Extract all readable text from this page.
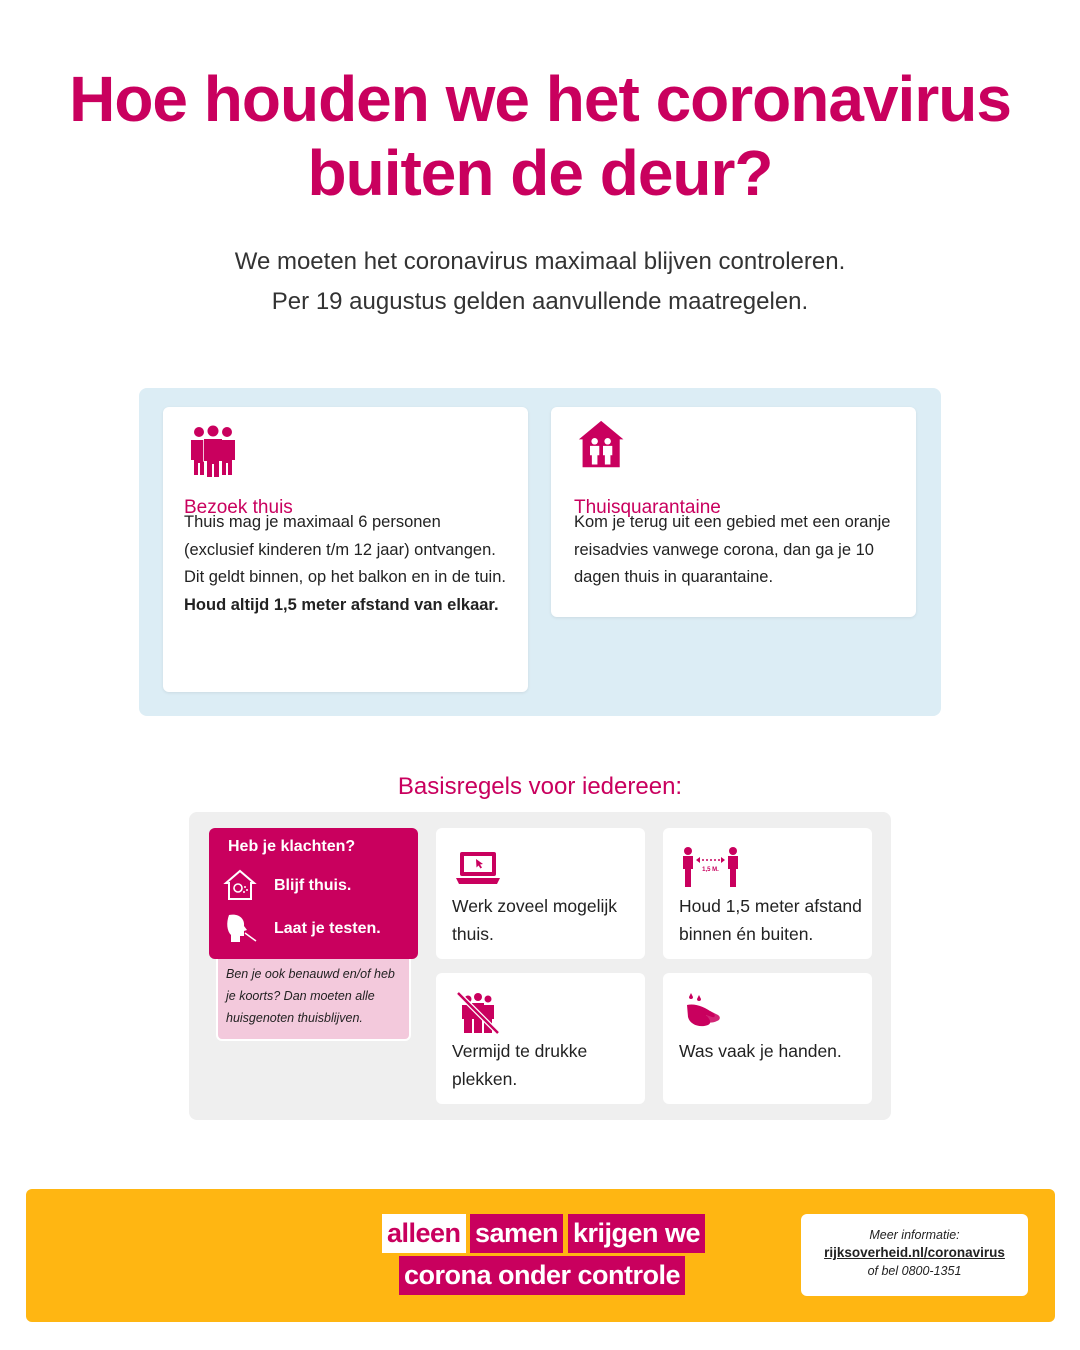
Hoe houden we het coronavirus
buiten de deur?
We moeten het coronavirus maximaal blijven controleren.
Per 19 augustus gelden aanvullende maatregelen.
Bezoek thuis
Thuis mag je maximaal 6 personen (exclusief kinderen t/m 12 jaar) ontvangen. Dit geldt binnen, op het balkon en in de tuin.
Houd altijd 1,5 meter afstand van elkaar.
Thuisquarantaine
Kom je terug uit een gebied met een oranje reisadvies vanwege corona, dan ga je 10 dagen thuis in quarantaine.
Basisregels voor iedereen:
Heb je klachten?
Blijf thuis.
Laat je testen.
Ben je ook benauwd en/of heb je koorts? Dan moeten alle huisgenoten thuisblijven.
Werk zoveel mogelijk thuis.
1,5 M.
Houd 1,5 meter afstand binnen én buiten.
Vermijd te drukke plekken.
Was vaak je handen.
alleen samen krijgen we
corona onder controle
Meer informatie:
rijksoverheid.nl/coronavirus
of bel 0800-1351
